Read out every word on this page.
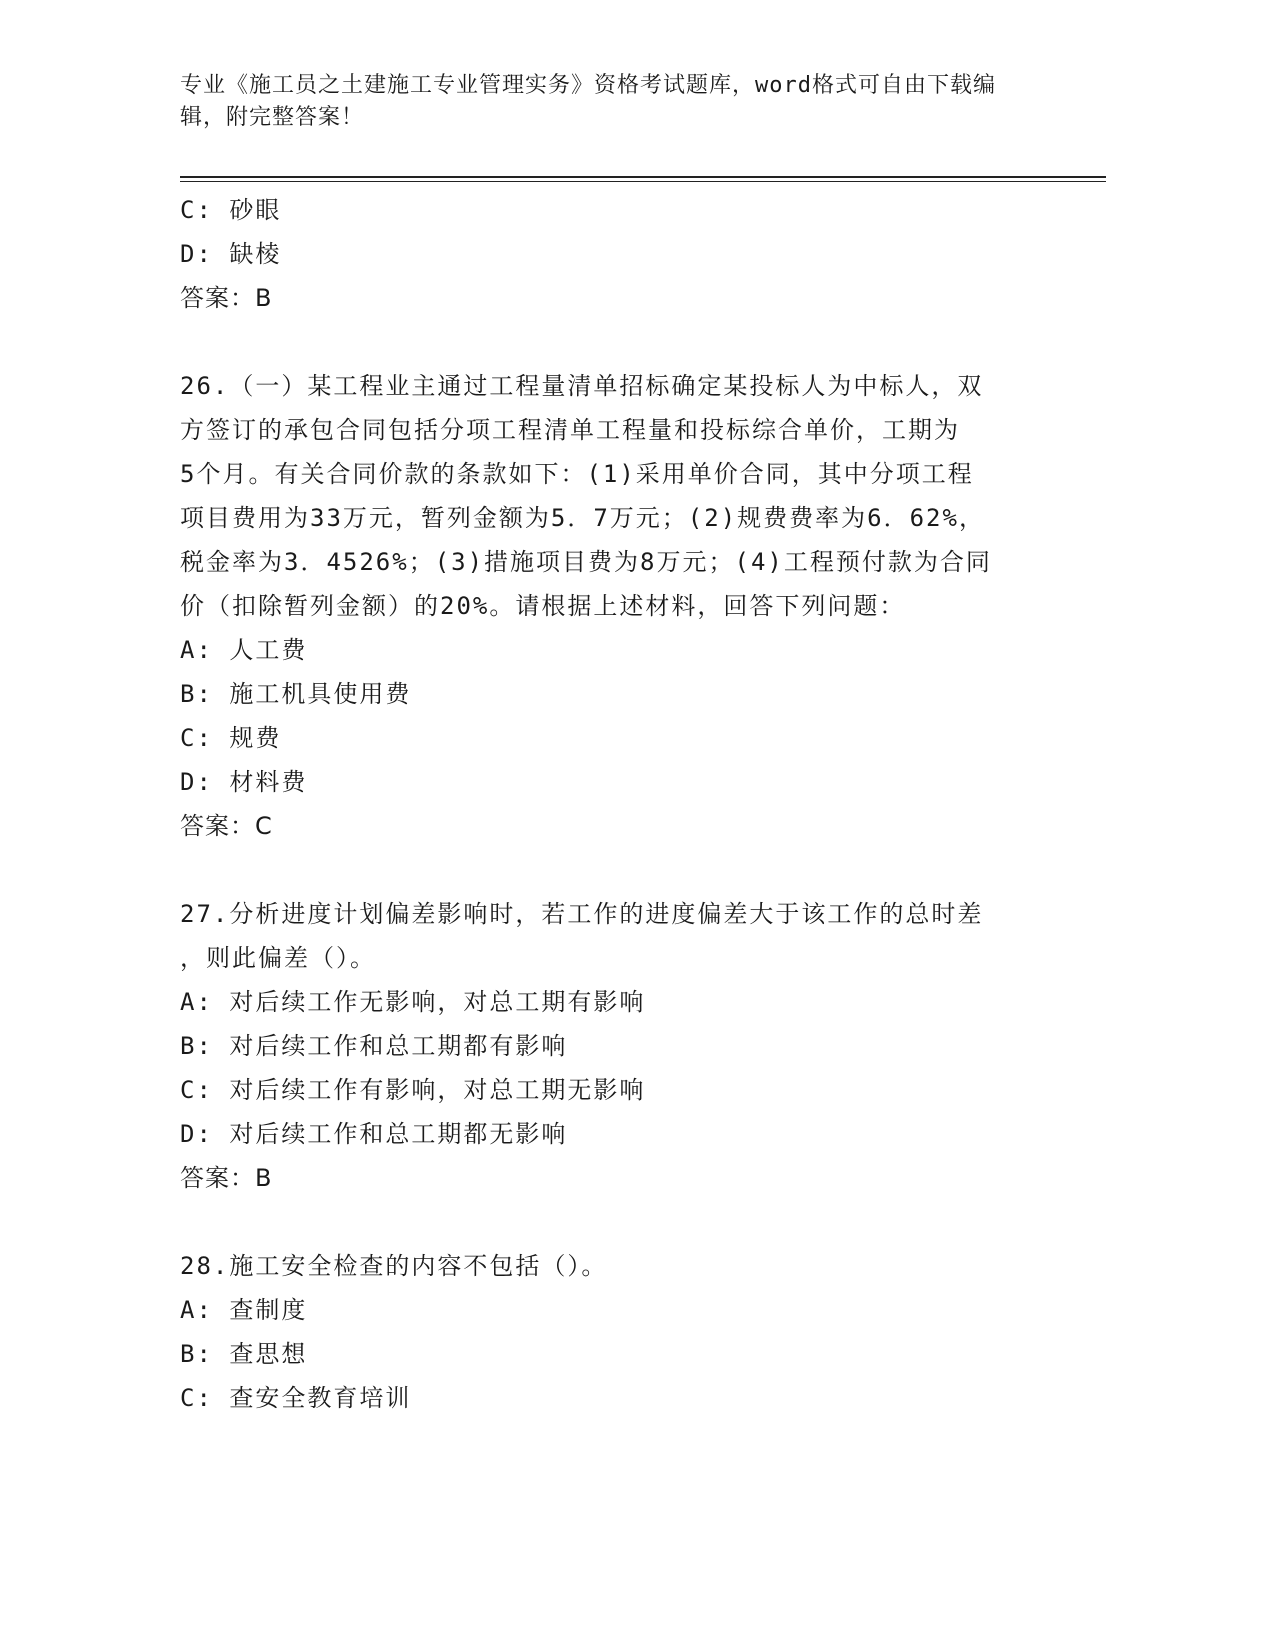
专业《施工员之土建施工专业管理实务》资格考试题库，word格式可自由下载编
辑，附完整答案！
C: 砂眼
D: 缺棱
答案：B
26.（一）某工程业主通过工程量清单招标确定某投标人为中标人，双
方签订的承包合同包括分项工程清单工程量和投标综合单价，工期为
5个月。有关合同价款的条款如下：(1)采用单价合同，其中分项工程
项目费用为33万元，暂列金额为5．7万元；(2)规费费率为6．62%，
税金率为3．4526%；(3)措施项目费为8万元；(4)工程预付款为合同
价（扣除暂列金额）的20%。请根据上述材料，回答下列问题：
A: 人工费
B: 施工机具使用费
C: 规费
D: 材料费
答案：C
27.分析进度计划偏差影响时，若工作的进度偏差大于该工作的总时差
，则此偏差（）。
A: 对后续工作无影响，对总工期有影响
B: 对后续工作和总工期都有影响
C: 对后续工作有影响，对总工期无影响
D: 对后续工作和总工期都无影响
答案：B
28.施工安全检查的内容不包括（）。
A: 查制度
B: 查思想
C: 查安全教育培训
